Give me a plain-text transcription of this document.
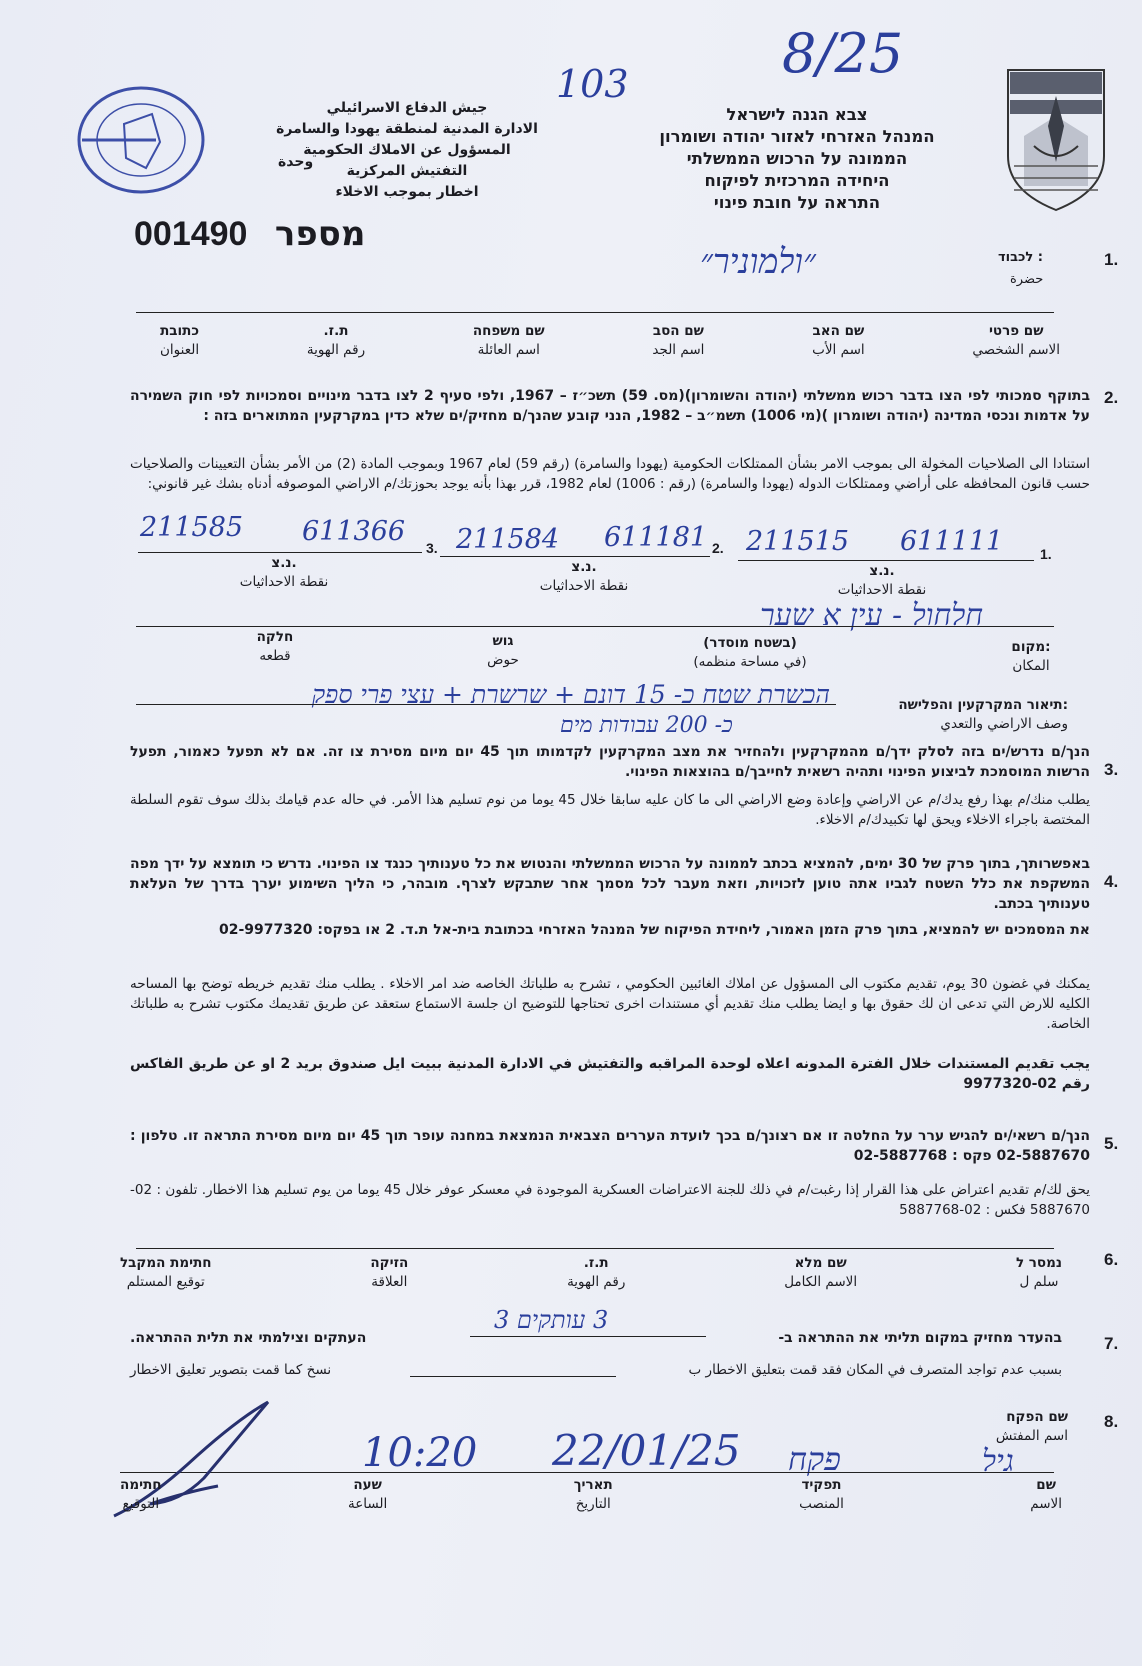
103	8/25
צבא הגנה לישראל
המנהל האזרחי לאזור יהודה ושומרון
הממונה על הרכוש הממשלתי
היחידה המרכזית לפיקוח
התראה על חובת פינוי
جيش الدفاع الاسرائيلي
الادارة المدنية لمنطقة يهودا والسامرة
المسؤول عن الاملاك الحكومية
التفتيش المركزية
اخطار بموجب الاخلاء
وحدة
001490 מספר
1.
לכבוד :
حضرة
״ולמוניר״
שם פרטי
الاسم الشخصي
שם האב
اسم الأب
שם הסב
اسم الجد
שם משפחה
اسم العائلة
ת.ז.
رقم الهوية
כתובת
العنوان
2.
בתוקף סמכותי לפי הצו בדבר רכוש ממשלתי (יהודה והשומרון)(מס. 59) תשכ״ז – 1967, ולפי סעיף 2 לצו בדבר מינויים וסמכויות לפי חוק השמירה על אדמות ונכסי המדינה (יהודה ושומרון )(מי 1006) תשמ״ב – 1982, הנני קובע שהנך/ם מחזיק/ים שלא כדין במקרקעין המתוארים בזה :
استنادا الى الصلاحيات المخولة الى بموجب الامر بشأن الممتلكات الحكومية (يهودا والسامرة) (رقم 59) لعام 1967 وبموجب المادة (2) من الأمر بشأن التعيينات والصلاحيات حسب قانون المحافظه على أراضي وممتلكات الدوله (يهودا والسامرة) (رقم : 1006) لعام 1982، قرر بهذا بأنه يوجد بحوزتك/م الاراضي الموصوفه أدناه بشك غير قانوني:
1.
2.
3.	611111
211515
611181
211584
611366
211585
נ.צ.
نقطة الاحداثيات
נ.צ.
نقطة الاحداثيات
נ.צ.
نقطة الاحداثيات
חלחול - עין א שער
מקום:
المكان
(בשטח מוסדר)
(في مساحة منظمه)
גוש
حوض
חלקה
قطعه
תיאור המקרקעין והפלישה:
وصف الاراضي والتعدي
הכשרת שטח כ- 15 דונם + שרשרת + עצי פרי ספק
כ- 200 עבודות מים
3.
הנך/ם נדרש/ים בזה לסלק ידך/ם מהמקרקעין ולהחזיר את מצב המקרקעין לקדמותו תוך 45 יום מיום מסירת צו זה. אם לא תפעל כאמור, תפעל הרשות המוסמכת לביצוע הפינוי ותהיה רשאית לחייבך/ם בהוצאות הפינוי.
يطلب منك/م بهذا رفع يدك/م عن الاراضي وإعادة وضع الاراضي الى ما كان عليه سابقا خلال 45 يوما من نوم تسليم هذا الأمر. في حاله عدم قيامك بذلك سوف تقوم السلطة المختصة باجراء الاخلاء ويحق لها تكبيدك/م الاخلاء.
4.
באפשרותך, בתוך פרק של 30 ימים, להמציא בכתב לממונה על הרכוש הממשלתי והנטוש את כל טענותיך כנגד צו הפינוי. נדרש כי תומצא על ידך מפה המשקפת את כלל השטח לגביו אתה טוען לזכויות, וזאת מעבר לכל מסמך אחר שתבקש לצרף. מובהר, כי הליך השימוע יערך בדרך של העלאת טענותיך בכתב.
את המסמכים יש להמציא, בתוך פרק הזמן האמור, ליחידת הפיקוח של המנהל האזרחי בכתובת בית-אל ת.ד. 2 או בפקס: 02-9977320
يمكنك في غضون 30 يوم، تقديم مكتوب الى المسؤول عن املاك الغائبين الحكومي ، تشرح به طلباتك الخاصه ضد امر الاخلاء . يطلب منك تقديم خريطه توضح بها المساحه الكليه للارض التي تدعى ان لك حقوق بها و ايضا يطلب منك تقديم أي مستندات اخرى تحتاجها للتوضيح ان جلسة الاستماع ستعقد عن طريق تقديمك مكتوب تشرح به طلباتك الخاصة.
يجب تقديم المستندات خلال الفترة المدونه اعلاه لوحدة المراقبه والتفتيش في الادارة المدنية ببيت ايل صندوق بريد 2 او عن طريق الفاكس رقم 02-9977320
5.
הנך/ם רשאי/ים להגיש ערר על החלטה זו אם רצונך/ם בכך לועדת העררים הצבאית הנמצאת במחנה עופר תוך 45 יום מיום מסירת התראה זו. טלפון : 02-5887670 פקס : 02-5887768
يحق لك/م تقديم اعتراض على هذا القرار إذا رغبت/م في ذلك للجنة الاعتراضات العسكرية الموجودة في معسكر عوفر خلال 45 يوما من يوم تسليم هذا الاخطار. تلفون : 02-5887670 فكس : 02-5887768
6.
נמסר ל
سلم ل
שם מלא
الاسم الكامل
ת.ז.
رقم الهوية
הזיקה
العلاقة
חתימת המקבל
توقيع المستلم
7.
בהעדר מחזיק במקום תליתי את ההתראה ב-
3 עותקים 3
העתקים וצילמתי את תלית ההתראה.
بسبب عدم تواجد المتصرف في المكان فقد قمت بتعليق الاخطار ب
نسخ كما قمت بتصوير تعليق الاخطار
8.
שם הפקח
اسم المفتش
גיל
פקח
22/01/25
10:20
שם
الاسم
תפקיד
المنصب
תאריך
التاريخ
שעה
الساعة
חתימה
التوقيع
